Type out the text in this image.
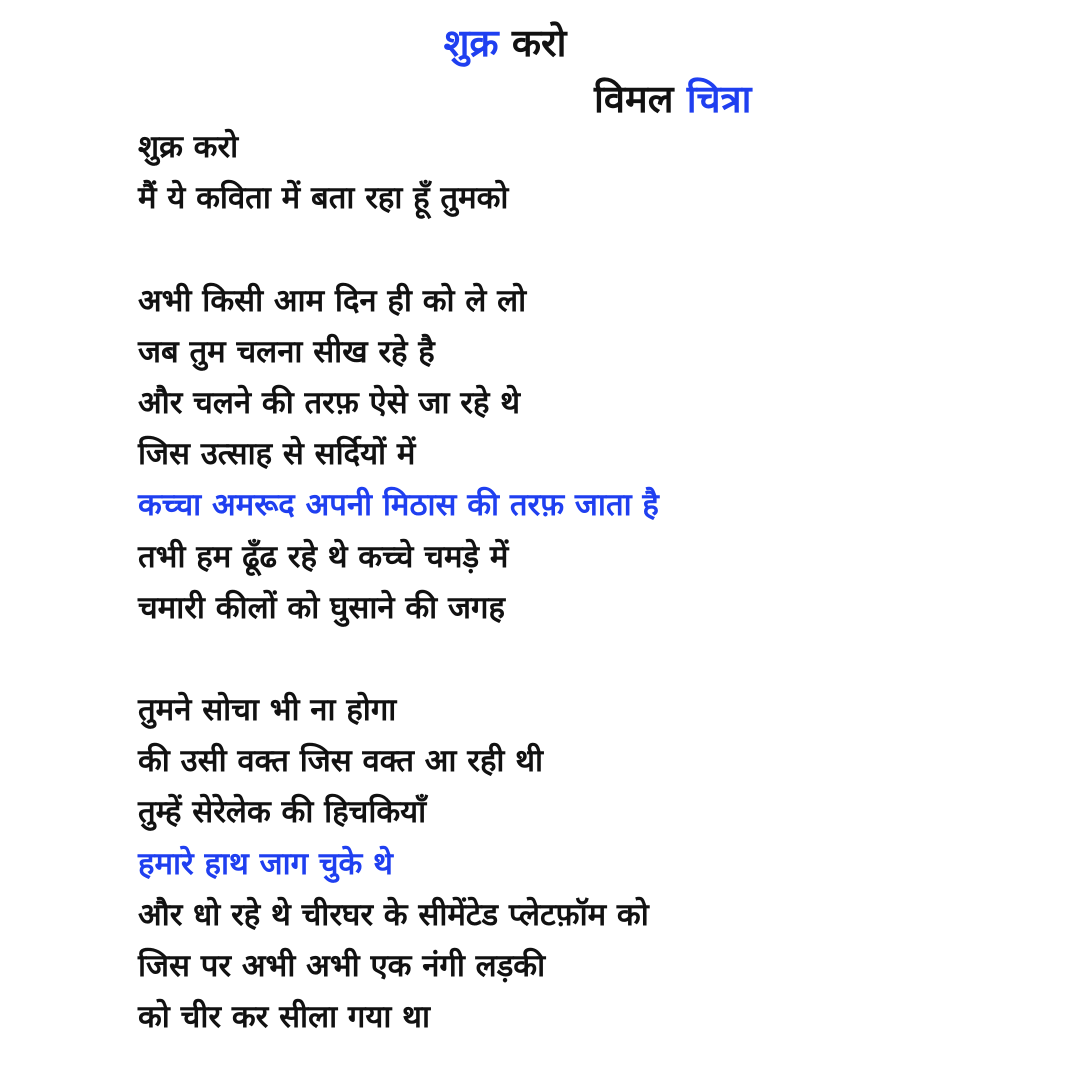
शुक्र करो
विमल चित्रा
शुक्र करो
मैं ये कविता में बता रहा हूँ तुमको
अभी किसी आम दिन ही को ले लो
जब तुम चलना सीख रहे है
और चलने की तरफ़ ऐसे जा रहे थे
जिस उत्साह से सर्दियों में
कच्चा अमरूद अपनी मिठास की तरफ़ जाता है
तभी हम ढूँढ रहे थे कच्चे चमड़े में
चमारी कीलों को घुसाने की जगह
तुमने सोचा भी ना होगा
की उसी वक्त जिस वक्त आ रही थी
तुम्हें सेरेलेक की हिचकियाँ
हमारे हाथ जाग चुके थे
और धो रहे थे चीरघर के सीमेंटेड प्लेटफ़ॉम को
जिस पर अभी अभी एक नंगी लड़की
को चीर कर सीला गया था
